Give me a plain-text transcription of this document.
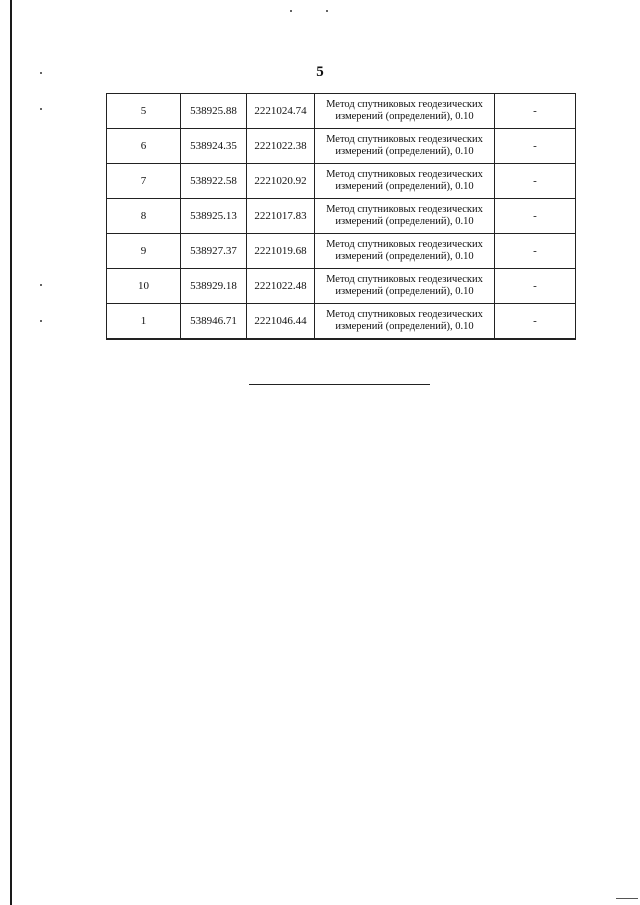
5
5	538925.88	2221024.74	Метод спутниковых геодезических измерений (определений), 0.10	-
6	538924.35	2221022.38	Метод спутниковых геодезических измерений (определений), 0.10	-
7	538922.58	2221020.92	Метод спутниковых геодезических измерений (определений), 0.10	-
8	538925.13	2221017.83	Метод спутниковых геодезических измерений (определений), 0.10	-
9	538927.37	2221019.68	Метод спутниковых геодезических измерений (определений), 0.10	-
10	538929.18	2221022.48	Метод спутниковых геодезических измерений (определений), 0.10	-
1	538946.71	2221046.44	Метод спутниковых геодезических измерений (определений), 0.10	-
